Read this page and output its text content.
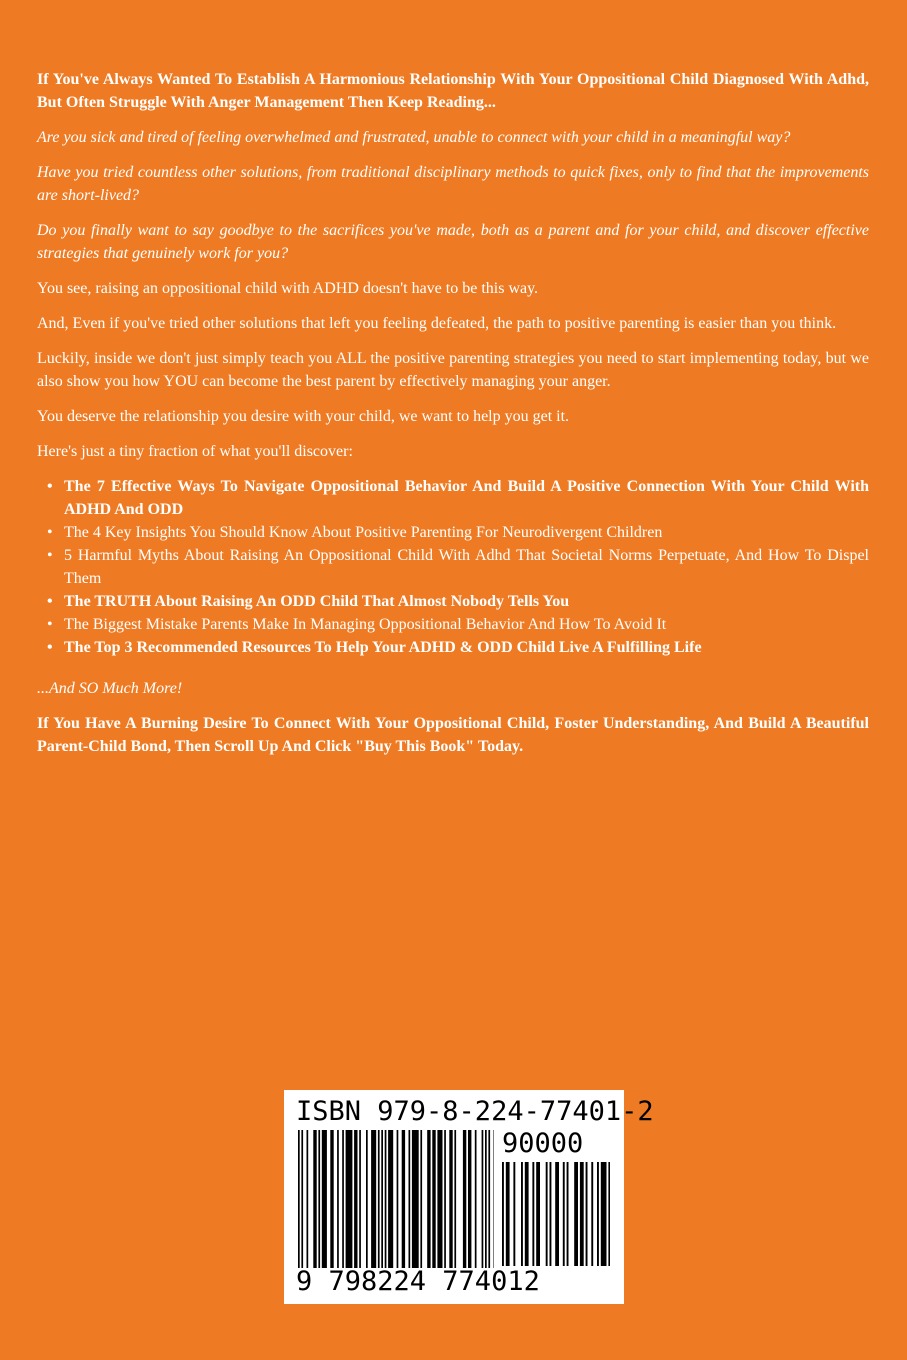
If You've Always Wanted To Establish A Harmonious Relationship With Your Oppositional Child Diagnosed With Adhd, But Often Struggle With Anger Management Then Keep Reading...

Are you sick and tired of feeling overwhelmed and frustrated, unable to connect with your child in a meaningful way?

Have you tried countless other solutions, from traditional disciplinary methods to quick fixes, only to find that the improvements are short-lived?

Do you finally want to say goodbye to the sacrifices you've made, both as a parent and for your child, and discover effective strategies that genuinely work for you?

You see, raising an oppositional child with ADHD doesn't have to be this way.

And, Even if you've tried other solutions that left you feeling defeated, the path to positive parenting is easier than you think.

Luckily, inside we don't just simply teach you ALL the positive parenting strategies you need to start implementing today, but we also show you how YOU can become the best parent by effectively managing your anger.

You deserve the relationship you desire with your child, we want to help you get it.

Here's just a tiny fraction of what you'll discover:

• The 7 Effective Ways To Navigate Oppositional Behavior And Build A Positive Connection With Your Child With ADHD And ODD
• The 4 Key Insights You Should Know About Positive Parenting For Neurodivergent Children
• 5 Harmful Myths About Raising An Oppositional Child With Adhd That Societal Norms Perpetuate, And How To Dispel Them
• The TRUTH About Raising An ODD Child That Almost Nobody Tells You
• The Biggest Mistake Parents Make In Managing Oppositional Behavior And How To Avoid It
• The Top 3 Recommended Resources To Help Your ADHD & ODD Child Live A Fulfilling Life

...And SO Much More!

If You Have A Burning Desire To Connect With Your Oppositional Child, Foster Understanding, And Build A Beautiful Parent-Child Bond, Then Scroll Up And Click "Buy This Book" Today.

ISBN 979-8-224-77401-2
90000
9 798224 774012
